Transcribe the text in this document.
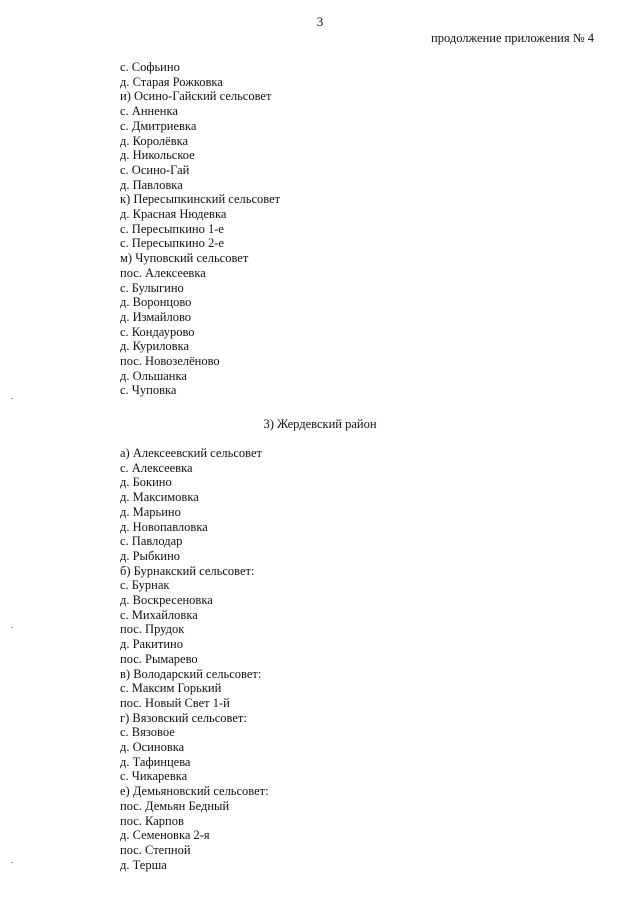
3
продолжение приложения № 4
с. Софьино
д. Старая Рожковка
и) Осино-Гайский сельсовет
с. Анненка
с. Дмитриевка
д. Королёвка
д. Никольское
с. Осино-Гай
д. Павловка
к) Пересыпкинский сельсовет
д. Красная Нюдевка
с. Пересыпкино 1-е
с. Пересыпкино 2-е
м) Чуповский сельсовет
пос. Алексеевка
с. Булыгино
д. Воронцово
д. Измайлово
с. Кондаурово
д. Куриловка
пос. Новозелёново
д. Ольшанка
с. Чуповка
3) Жердевский район
а) Алексеевский сельсовет
с. Алексеевка
д. Бокино
д. Максимовка
д. Марьино
д. Новопавловка
с. Павлодар
д. Рыбкино
б) Бурнакский сельсовет:
с. Бурнак
д. Воскресеновка
с. Михайловка
пос. Прудок
д. Ракитино
пос. Рымарево
в) Володарский сельсовет:
с. Максим Горький
пос. Новый Свет 1-й
г) Вязовский сельсовет:
с. Вязовое
д. Осиновка
д. Тафинцева
с. Чикаревка
е) Демьяновский сельсовет:
пос. Демьян Бедный
пос. Карпов
д. Семеновка 2-я
пос. Степной
д. Терша
